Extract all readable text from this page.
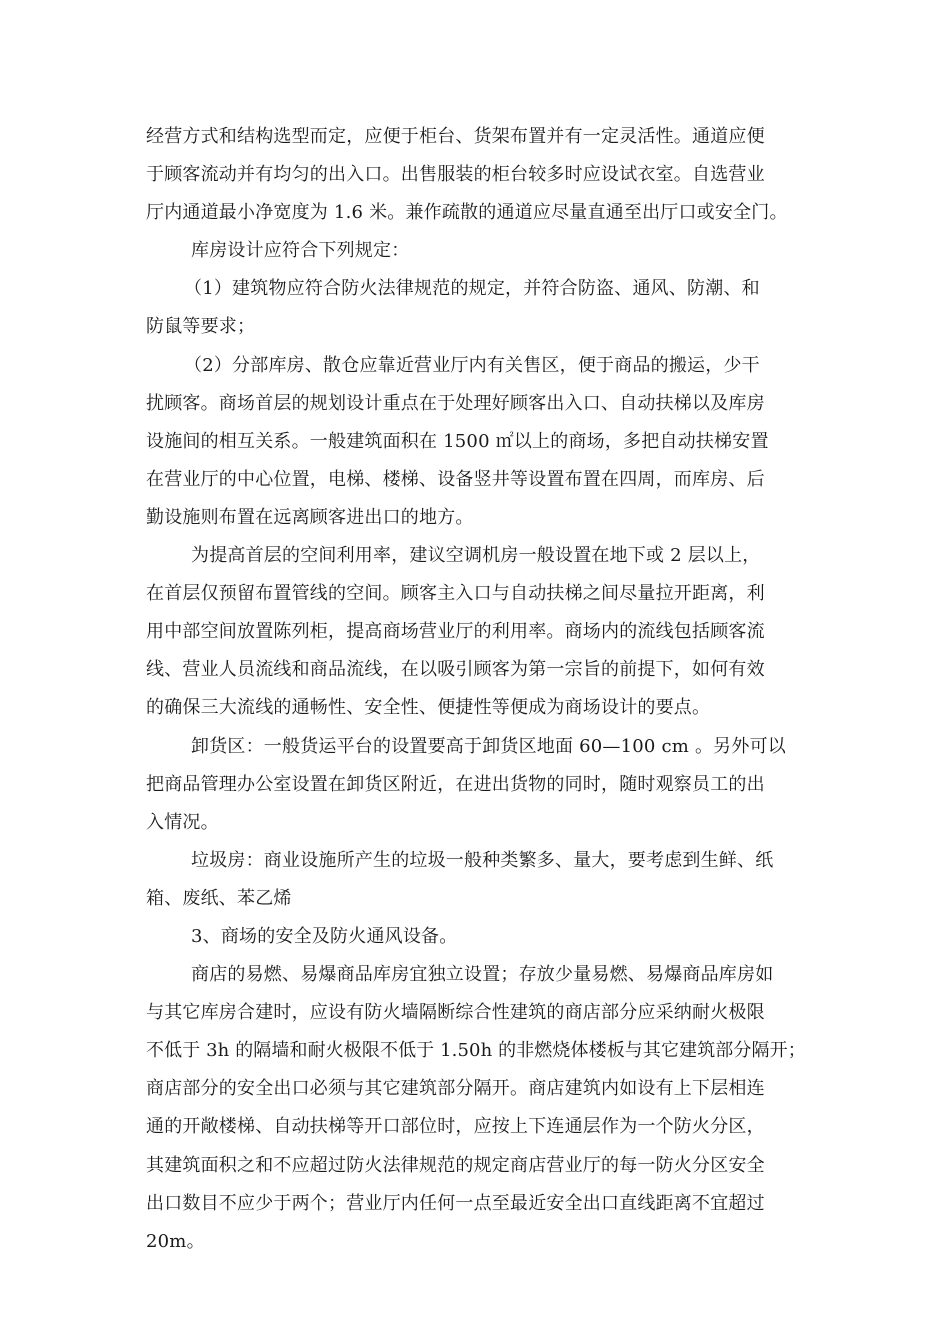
经营方式和结构选型而定，应便于柜台、货架布置并有一定灵活性。通道应便
于顾客流动并有均匀的出入口。出售服装的柜台较多时应设试衣室。自选营业
厅内通道最小净宽度为 1.6 米。兼作疏散的通道应尽量直通至出厅口或安全门。
库房设计应符合下列规定：
（1）建筑物应符合防火法律规范的规定，并符合防盗、通风、防潮、和
防鼠等要求；
（2）分部库房、散仓应靠近营业厅内有关售区，便于商品的搬运，少干
扰顾客。商场首层的规划设计重点在于处理好顾客出入口、自动扶梯以及库房
设施间的相互关系。一般建筑面积在 1500 ㎡以上的商场，多把自动扶梯安置
在营业厅的中心位置，电梯、楼梯、设备竖井等设置布置在四周，而库房、后
勤设施则布置在远离顾客进出口的地方。
为提高首层的空间利用率，建议空调机房一般设置在地下或 2 层以上，
在首层仅预留布置管线的空间。顾客主入口与自动扶梯之间尽量拉开距离，利
用中部空间放置陈列柜，提高商场营业厅的利用率。商场内的流线包括顾客流
线、营业人员流线和商品流线，在以吸引顾客为第一宗旨的前提下，如何有效
的确保三大流线的通畅性、安全性、便捷性等便成为商场设计的要点。
卸货区：一般货运平台的设置要高于卸货区地面 60—100 cm 。另外可以
把商品管理办公室设置在卸货区附近，在进出货物的同时，随时观察员工的出
入情况。
垃圾房：商业设施所产生的垃圾一般种类繁多、量大，要考虑到生鲜、纸
箱、废纸、苯乙烯
3、商场的安全及防火通风设备。
商店的易燃、易爆商品库房宜独立设置；存放少量易燃、易爆商品库房如
与其它库房合建时，应设有防火墙隔断综合性建筑的商店部分应采纳耐火极限
不低于 3h 的隔墙和耐火极限不低于 1.50h 的非燃烧体楼板与其它建筑部分隔开；
商店部分的安全出口必须与其它建筑部分隔开。商店建筑内如设有上下层相连
通的开敞楼梯、自动扶梯等开口部位时，应按上下连通层作为一个防火分区，
其建筑面积之和不应超过防火法律规范的规定商店营业厅的每一防火分区安全
出口数目不应少于两个；营业厅内任何一点至最近安全出口直线距离不宜超过
20m。
